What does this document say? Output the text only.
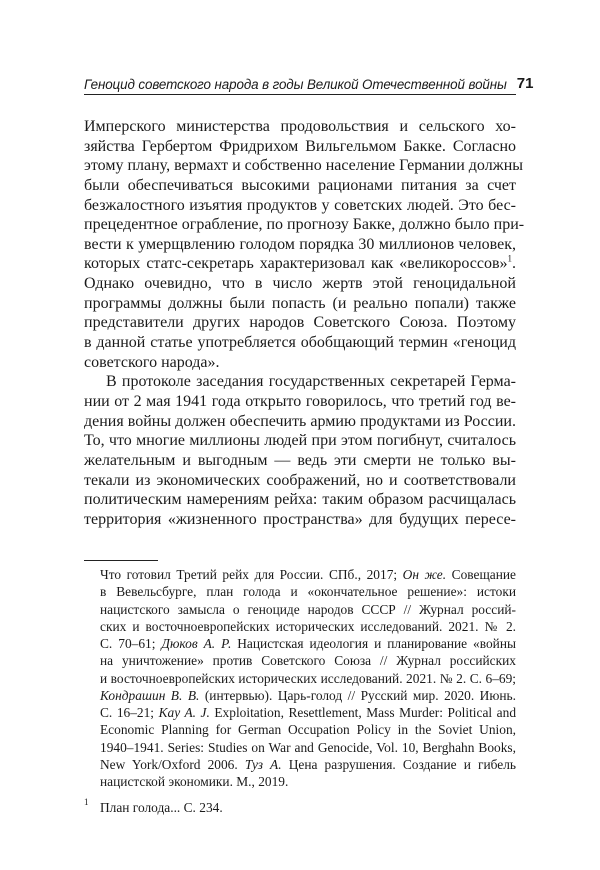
Геноцид советского народа в годы Великой Отечественной войны 71
Имперского министерства продовольствия и сельского хо-
зяйства Гербертом Фридрихом Вильгельмом Бакке. Согласно
этому плану, вермахт и собственно население Германии должны
были обеспечиваться высокими рационами питания за счет
безжалостного изъятия продуктов у советских людей. Это бес-
прецедентное ограбление, по прогнозу Бакке, должно было при-
вести к умерщвлению голодом порядка 30 миллионов человек,
которых статс-секретарь характеризовал как «великороссов»$^1$.
Однако очевидно, что в число жертв этой геноцидальной
программы должны были попасть (и реально попали) также
представители других народов Советского Союза. Поэтому
в данной статье употребляется обобщающий термин «геноцид
советского народа».
В протоколе заседания государственных секретарей Герма-
нии от 2 мая 1941 года открыто говорилось, что третий год ве-
дения войны должен обеспечить армию продуктами из России.
То, что многие миллионы людей при этом погибнут, считалось
желательным и выгодным — ведь эти смерти не только вы-
текали из экономических соображений, но и соответствовали
политическим намерениям рейха: таким образом расчищалась
территория «жизненного пространства» для будущих пересе-
Что готовил Третий рейх для России. СПб., 2017; Он же. Совещание
в Вевельсбурге, план голода и «окончательное решение»: истоки
нацистского замысла о геноциде народов СССР // Журнал россий-
ских и восточноевропейских исторических исследований. 2021. № 2.
С. 70–61; Дюков А. Р. Нацистская идеология и планирование «войны
на уничтожение» против Советского Союза // Журнал российских
и восточноевропейских исторических исследований. 2021. № 2. С. 6–69;
Кондрашин В. В. (интервью). Царь-голод // Русский мир. 2020. Июнь.
С. 16–21; Kay A. J. Exploitation, Resettlement, Mass Murder: Political and
Economic Planning for German Occupation Policy in the Soviet Union,
1940–1941. Series: Studies on War and Genocide, Vol. 10, Berghahn Books,
New York/Oxford 2006. Туз А. Цена разрушения. Создание и гибель
нацистской экономики. М., 2019.
1 План голода... С. 234.
